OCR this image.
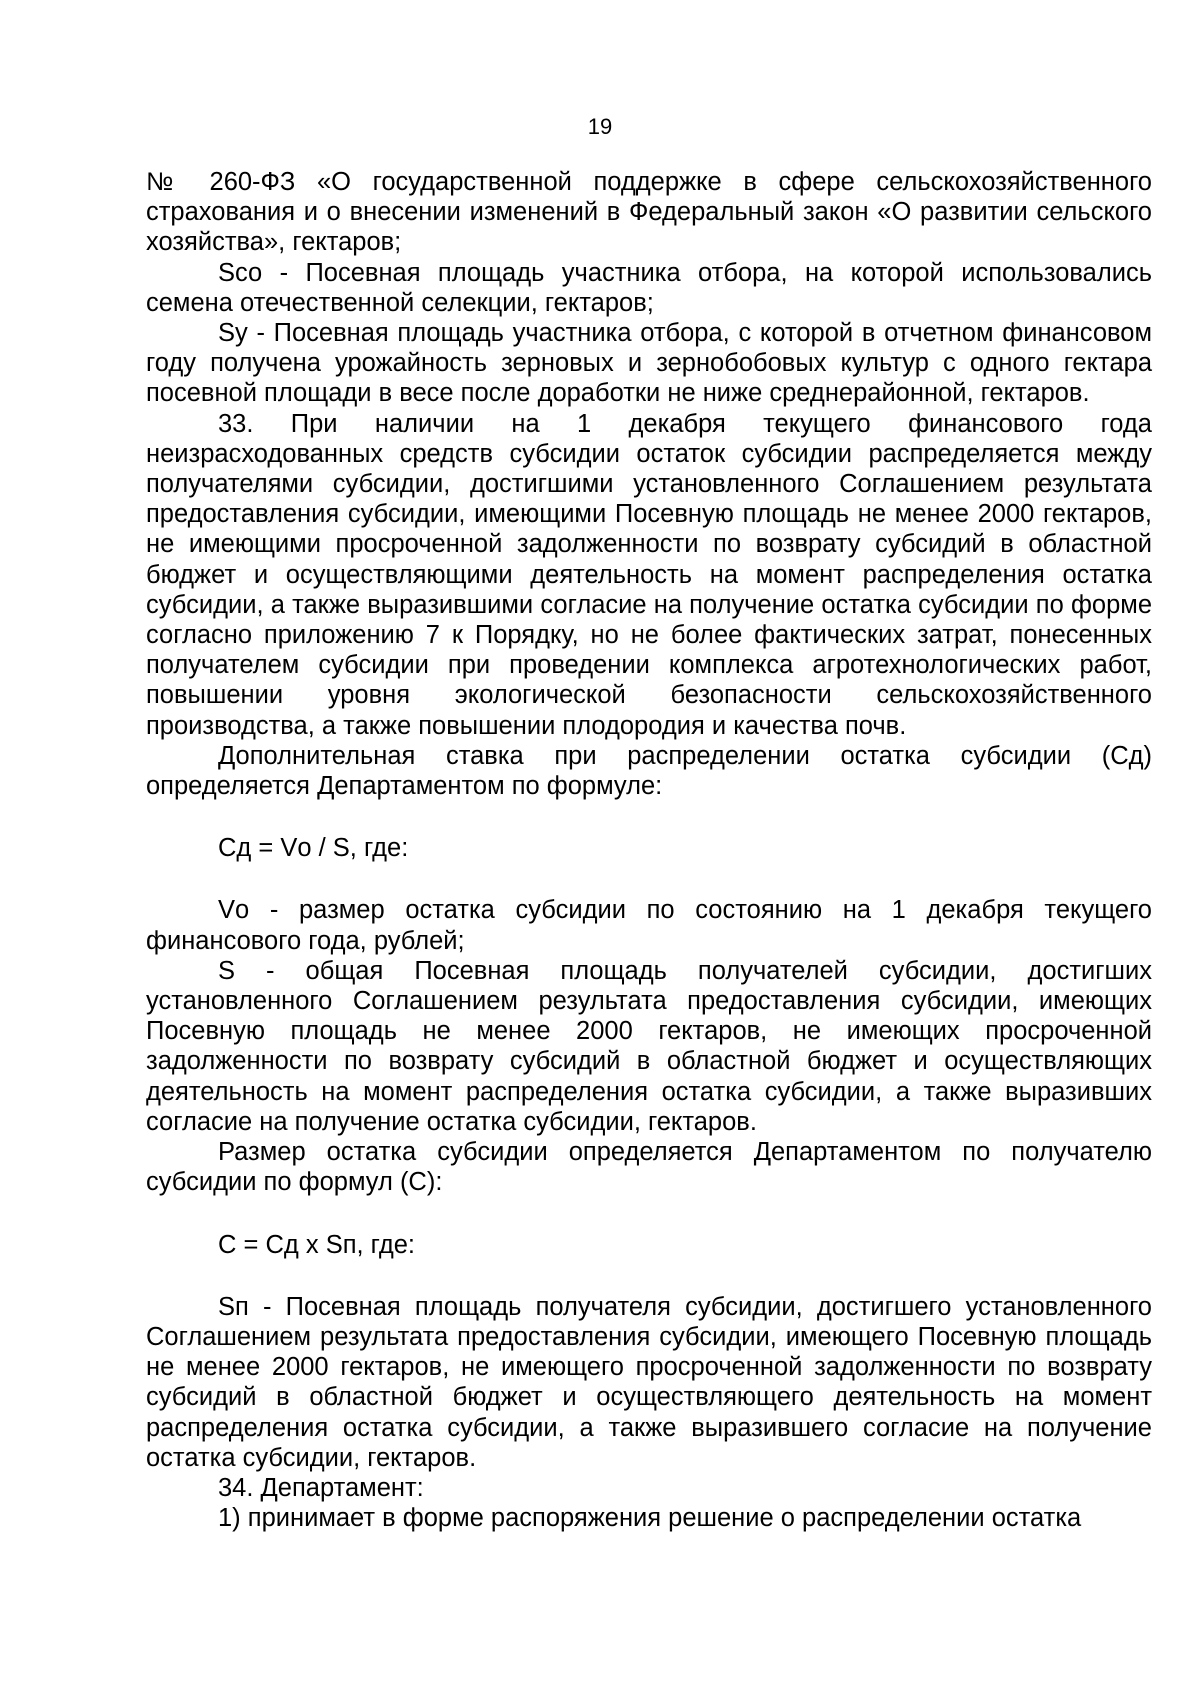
19

№ 260-ФЗ «О государственной поддержке в сфере сельскохозяйственного страхования и о внесении изменений в Федеральный закон «О развитии сельского хозяйства», гектаров;

Sсо - Посевная площадь участника отбора, на которой использовались семена отечественной селекции, гектаров;

Sу - Посевная площадь участника отбора, с которой в отчетном финансовом году получена урожайность зерновых и зернобобовых культур с одного гектара посевной площади в весе после доработки не ниже среднерайонной, гектаров.

33. При наличии на 1 декабря текущего финансового года неизрасходованных средств субсидии остаток субсидии распределяется между получателями субсидии, достигшими установленного Соглашением результата предоставления субсидии, имеющими Посевную площадь не менее 2000 гектаров, не имеющими просроченной задолженности по возврату субсидий в областной бюджет и осуществляющими деятельность на момент распределения остатка субсидии, а также выразившими согласие на получение остатка субсидии по форме согласно приложению 7 к Порядку, но не более фактических затрат, понесенных получателем субсидии при проведении комплекса агротехнологических работ, повышении уровня экологической безопасности сельскохозяйственного производства, а также повышении плодородия и качества почв.

Дополнительная ставка при распределении остатка субсидии (Сд) определяется Департаментом по формуле:

Сд = Vо / S, где:

Vо - размер остатка субсидии по состоянию на 1 декабря текущего финансового года, рублей;

S - общая Посевная площадь получателей субсидии, достигших установленного Соглашением результата предоставления субсидии, имеющих Посевную площадь не менее 2000 гектаров, не имеющих просроченной задолженности по возврату субсидий в областной бюджет и осуществляющих деятельность на момент распределения остатка субсидии, а также выразивших согласие на получение остатка субсидии, гектаров.

Размер остатка субсидии определяется Департаментом по получателю субсидии по формул (С):

С = Сд х Sп, где:

Sп - Посевная площадь получателя субсидии, достигшего установленного Соглашением результата предоставления субсидии, имеющего Посевную площадь не менее 2000 гектаров, не имеющего просроченной задолженности по возврату субсидий в областной бюджет и осуществляющего деятельность на момент распределения остатка субсидии, а также выразившего согласие на получение остатка субсидии, гектаров.

34. Департамент:

1) принимает в форме распоряжения решение о распределении остатка
